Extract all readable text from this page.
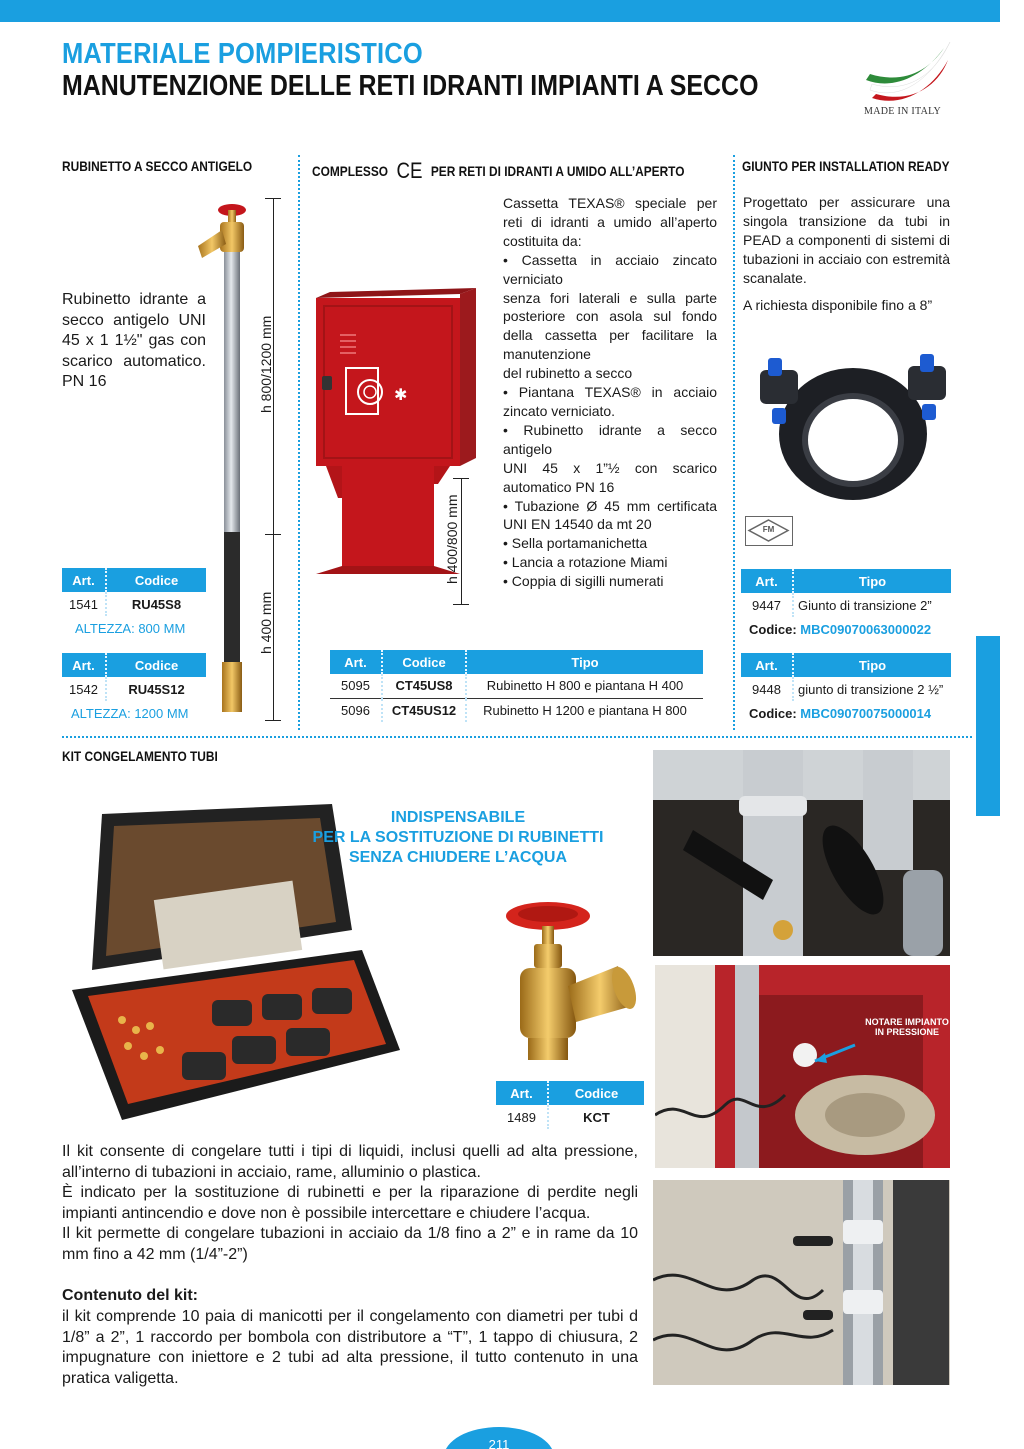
MATERIALE POMPIERISTICO
MANUTENZIONE DELLE RETI IDRANTI IMPIANTI A SECCO
MADE IN ITALY
RUBINETTO A SECCO ANTIGELO
Rubinetto idrante a secco antigelo UNI 45 x 1 1½" gas con scarico automatico. PN 16	h 800/1200 mm
h 400 mm
Art.	Codice
1541	RU45S8
ALTEZZA: 800 MM
Art.	Codice
1542	RU45S12
ALTEZZA: 1200 MM
COMPLESSO CE PER RETI DI IDRANTI A UMIDO ALL’APERTO
✱
h 400/800 mm
Cassetta TEXAS® speciale per reti di idranti a umido all’aperto costituita da:
• Cassetta in acciaio zincato verniciato
senza fori laterali e sulla parte posteriore con asola sul fondo della cassetta per facilitare la manutenzione
del rubinetto a secco
• Piantana TEXAS® in acciaio zincato verniciato.
• Rubinetto idrante a secco antigelo
UNI 45 x 1”½ con scarico automatico PN 16
• Tubazione Ø 45 mm certificata UNI EN 14540 da mt 20
• Sella portamanichetta
• Lancia a rotazione Miami
• Coppia di sigilli numerati
Art.	Codice	Tipo
5095	CT45US8	Rubinetto H 800 e piantana H 400
5096	CT45US12	Rubinetto H 1200 e piantana H 800
GIUNTO PER INSTALLATION READY
Progettato per assicurare una singola transizione da tubi in PEAD a componenti di sistemi di tubazioni in acciaio con estremità scanalate.
A richiesta disponibile fino a 8”
FM
Art.	Tipo
9447	Giunto di transizione 2”
Codice: MBC09070063000022
Art.	Tipo
9448	giunto di transizione 2 ½”
Codice: MBC09070075000014
KIT CONGELAMENTO TUBI
INDISPENSABILE
PER LA SOSTITUZIONE DI RUBINETTI
SENZA CHIUDERE L’ACQUA
Art.	Codice
1489	KCT
Il kit consente di congelare tutti i tipi di liquidi, inclusi quelli ad alta pressione, all’interno di tubazioni in acciaio, rame, alluminio o plastica.
È indicato per la sostituzione di rubinetti e per la riparazione di perdite negli impianti antincendio e dove non è possibile intercettare e chiudere l’acqua.
Il kit permette di congelare tubazioni in acciaio da 1/8 fino a 2” e in rame da 10 mm fino a 42 mm (1/4”-2”)
Contenuto del kit:
il kit comprende 10 paia di manicotti per il congelamento con diametri per tubi d 1/8” a 2”, 1 raccordo per bombola con distributore a “T”, 1 tappo di chiusura, 2 impugnature con iniettore e 2 tubi ad alta pressione, il tutto contenuto in una pratica valigetta.
NOTARE IMPIANTO IN PRESSIONE
211
